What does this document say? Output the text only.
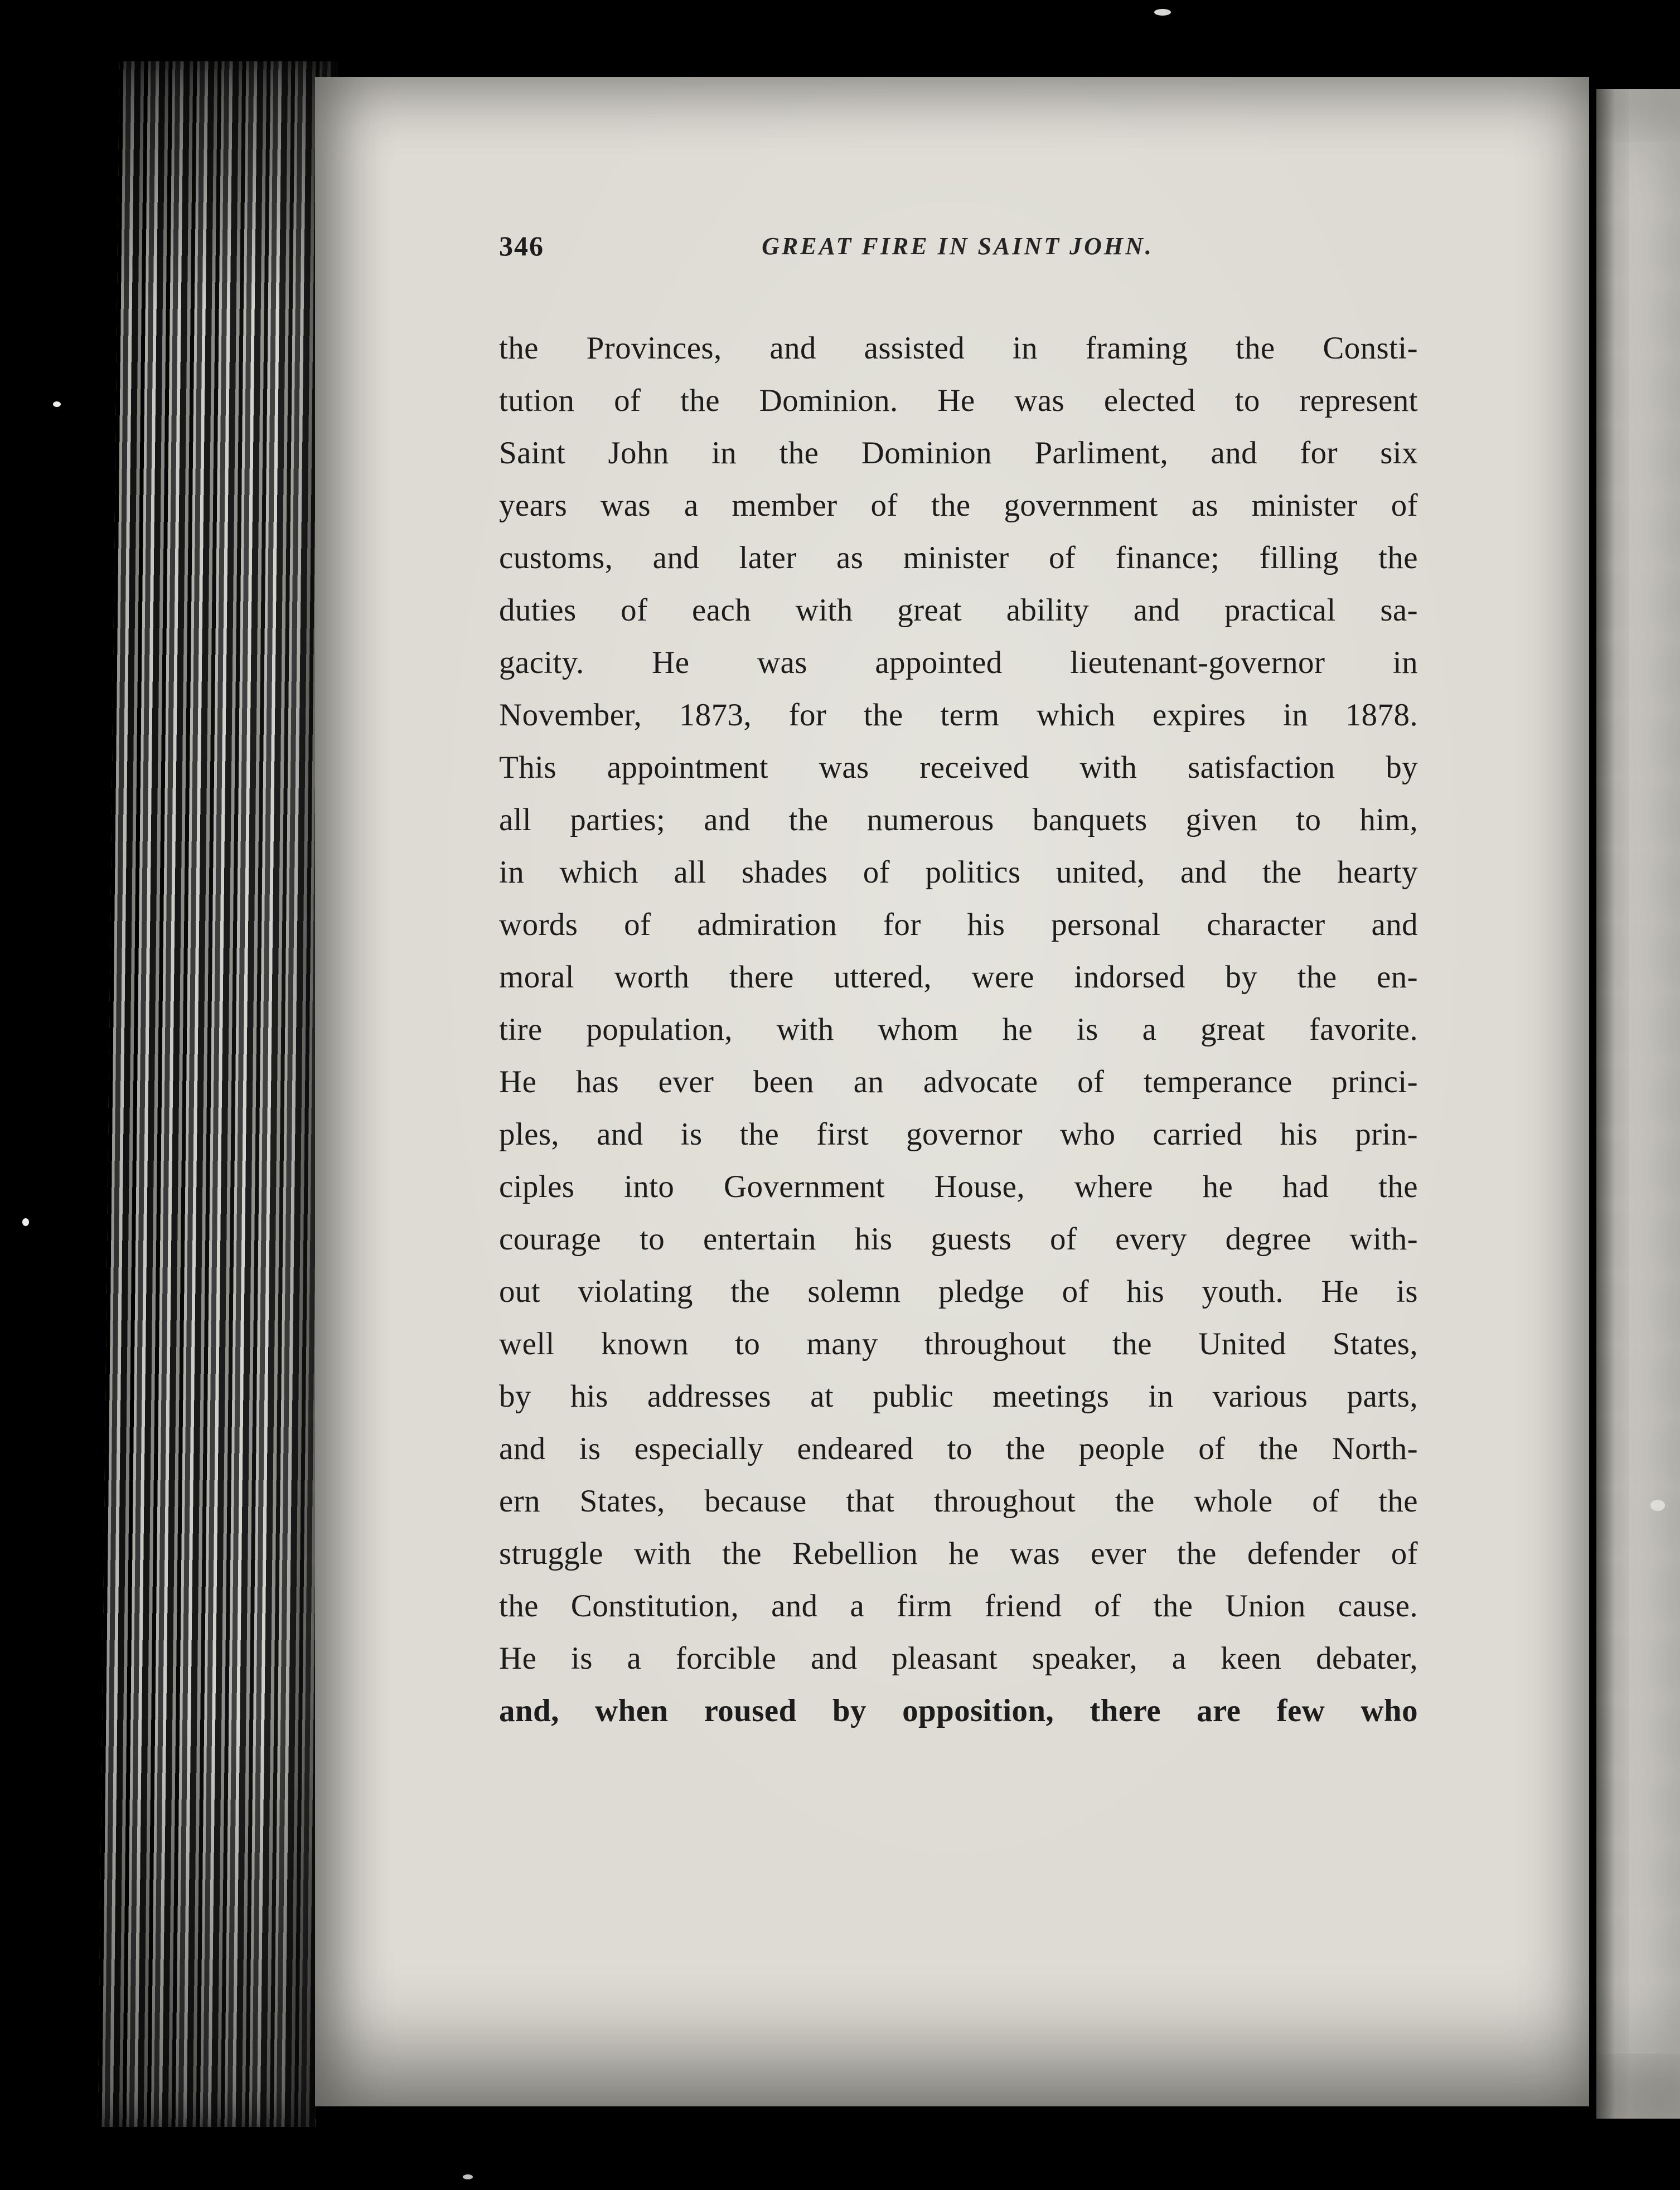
346	GREAT FIRE IN SAINT JOHN.
the Provinces, and assisted in framing the Consti-
tution of the Dominion. He was elected to represent
Saint John in the Dominion Parliment, and for six
years was a member of the government as minister of
customs, and later as minister of finance; filling the
duties of each with great ability and practical sa-
gacity. He was appointed lieutenant-governor in
November, 1873, for the term which expires in 1878.
This appointment was received with satisfaction by
all parties; and the numerous banquets given to him,
in which all shades of politics united, and the hearty
words of admiration for his personal character and
moral worth there uttered, were indorsed by the en-
tire population, with whom he is a great favorite.
He has ever been an advocate of temperance princi-
ples, and is the first governor who carried his prin-
ciples into Government House, where he had the
courage to entertain his guests of every degree with-
out violating the solemn pledge of his youth. He is
well known to many throughout the United States,
by his addresses at public meetings in various parts,
and is especially endeared to the people of the North-
ern States, because that throughout the whole of the
struggle with the Rebellion he was ever the defender of
the Constitution, and a firm friend of the Union cause.
He is a forcible and pleasant speaker, a keen debater,
and, when roused by opposition, there are few who
